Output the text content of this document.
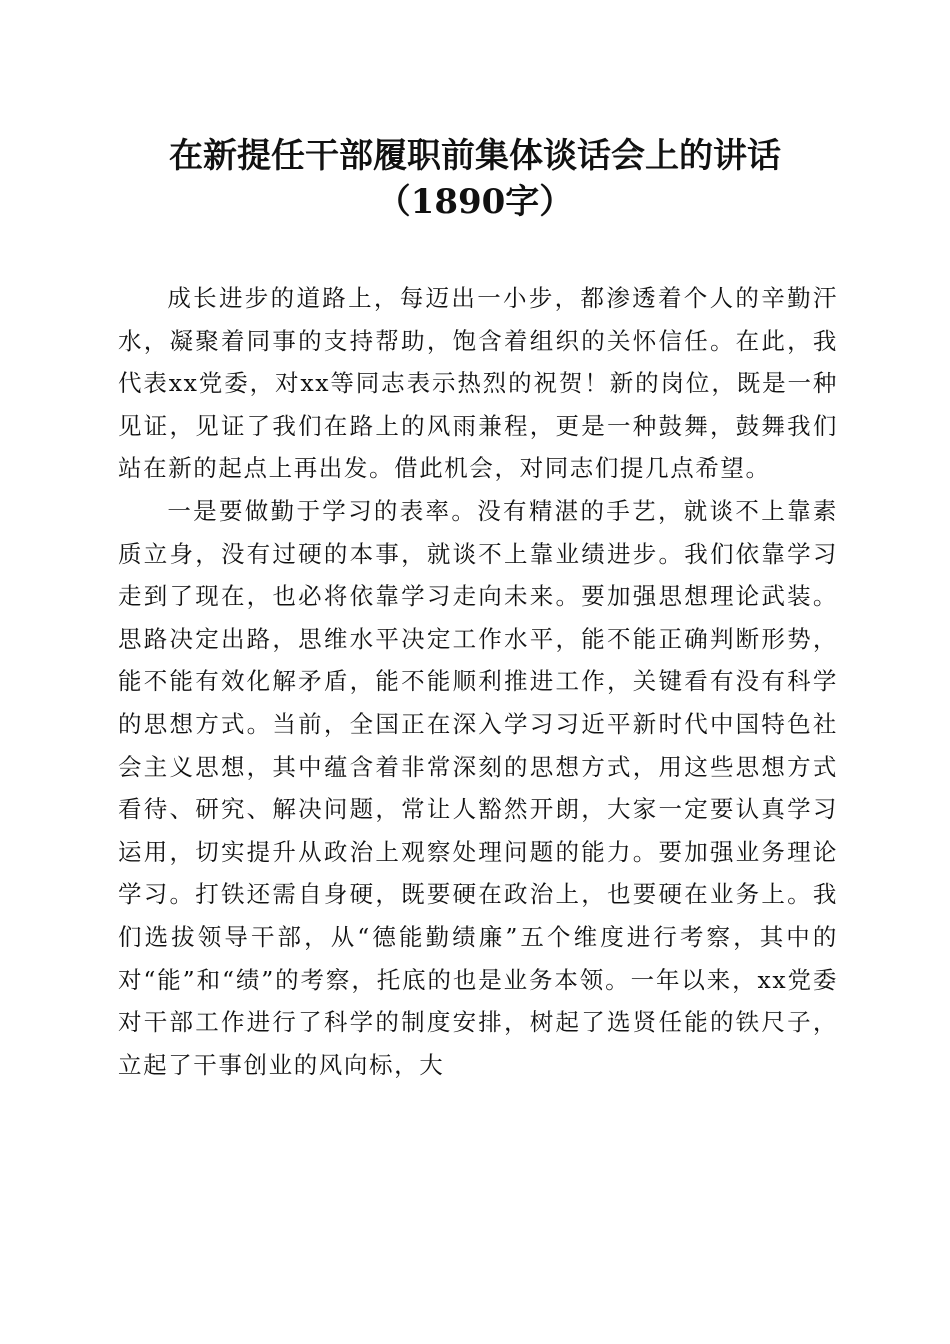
在新提任干部履职前集体谈话会上的讲话
（1890字）

成长进步的道路上，每迈出一小步，都渗透着个人的辛勤汗水，凝聚着同事的支持帮助，饱含着组织的关怀信任。在此，我代表xx党委，对xx等同志表示热烈的祝贺！新的岗位，既是一种见证，见证了我们在路上的风雨兼程，更是一种鼓舞，鼓舞我们站在新的起点上再出发。借此机会，对同志们提几点希望。

一是要做勤于学习的表率。没有精湛的手艺，就谈不上靠素质立身，没有过硬的本事，就谈不上靠业绩进步。我们依靠学习走到了现在，也必将依靠学习走向未来。要加强思想理论武装。思路决定出路，思维水平决定工作水平，能不能正确判断形势，能不能有效化解矛盾，能不能顺利推进工作，关键看有没有科学的思想方式。当前，全国正在深入学习习近平新时代中国特色社会主义思想，其中蕴含着非常深刻的思想方式，用这些思想方式看待、研究、解决问题，常让人豁然开朗，大家一定要认真学习运用，切实提升从政治上观察处理问题的能力。要加强业务理论学习。打铁还需自身硬，既要硬在政治上，也要硬在业务上。我们选拔领导干部，从“德能勤绩廉”五个维度进行考察，其中的对“能”和“绩”的考察，托底的也是业务本领。一年以来，xx党委对干部工作进行了科学的制度安排，树起了选贤任能的铁尺子，立起了干事创业的风向标，大
